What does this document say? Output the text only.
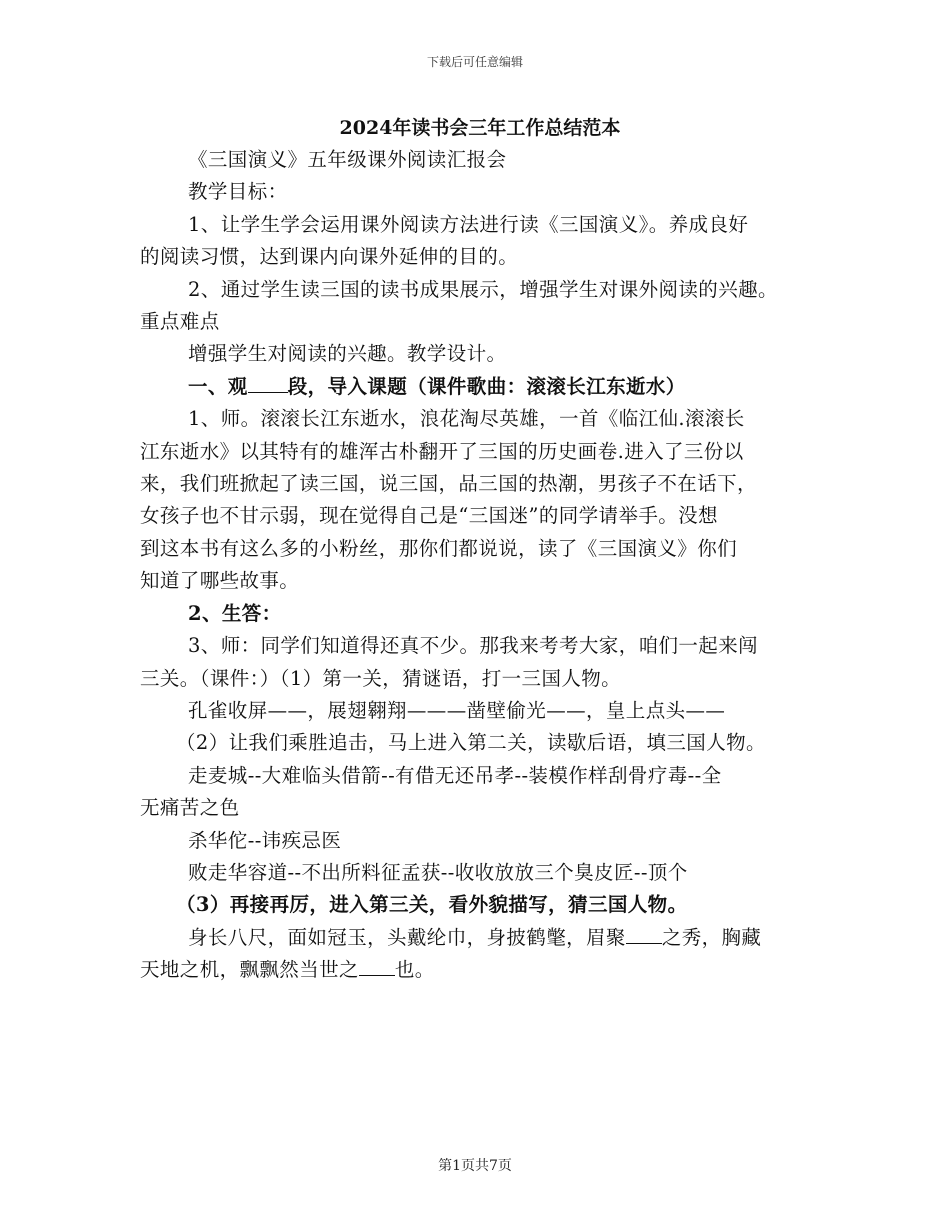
下载后可任意编辑
2024年读书会三年工作总结范本
《三国演义》五年级课外阅读汇报会
教学目标：
1、让学生学会运用课外阅读方法进行读《三国演义》。养成良好
的阅读习惯，达到课内向课外延伸的目的。
2、通过学生读三国的读书成果展示，增强学生对课外阅读的兴趣。
重点难点
增强学生对阅读的兴趣。教学设计。
一、观 段，导入课题（课件歌曲：滚滚长江东逝水）
1、师。滚滚长江东逝水，浪花淘尽英雄，一首《临江仙.滚滚长
江东逝水》以其特有的雄浑古朴翻开了三国的历史画卷.进入了三份以
来，我们班掀起了读三国，说三国，品三国的热潮，男孩子不在话下，
女孩子也不甘示弱，现在觉得自己是“三国迷”的同学请举手。没想
到这本书有这么多的小粉丝，那你们都说说，读了《三国演义》你们
知道了哪些故事。
2、生答：
3、师：同学们知道得还真不少。那我来考考大家，咱们一起来闯
三关。（课件：）（1）第一关，猜谜语，打一三国人物。
孔雀收屏——，展翅翱翔———凿壁偷光——，皇上点头——
（2）让我们乘胜追击，马上进入第二关，读歇后语，填三国人物。
走麦城--大难临头借箭--有借无还吊孝--装模作样刮骨疗毒--全
无痛苦之色
杀华佗--讳疾忌医
败走华容道--不出所料征孟获--收收放放三个臭皮匠--顶个
（3）再接再厉，进入第三关，看外貌描写，猜三国人物。
身长八尺，面如冠玉，头戴纶巾，身披鹤氅，眉聚 之秀，胸藏
天地之机，飘飘然当世之 也。
第1页共7页
